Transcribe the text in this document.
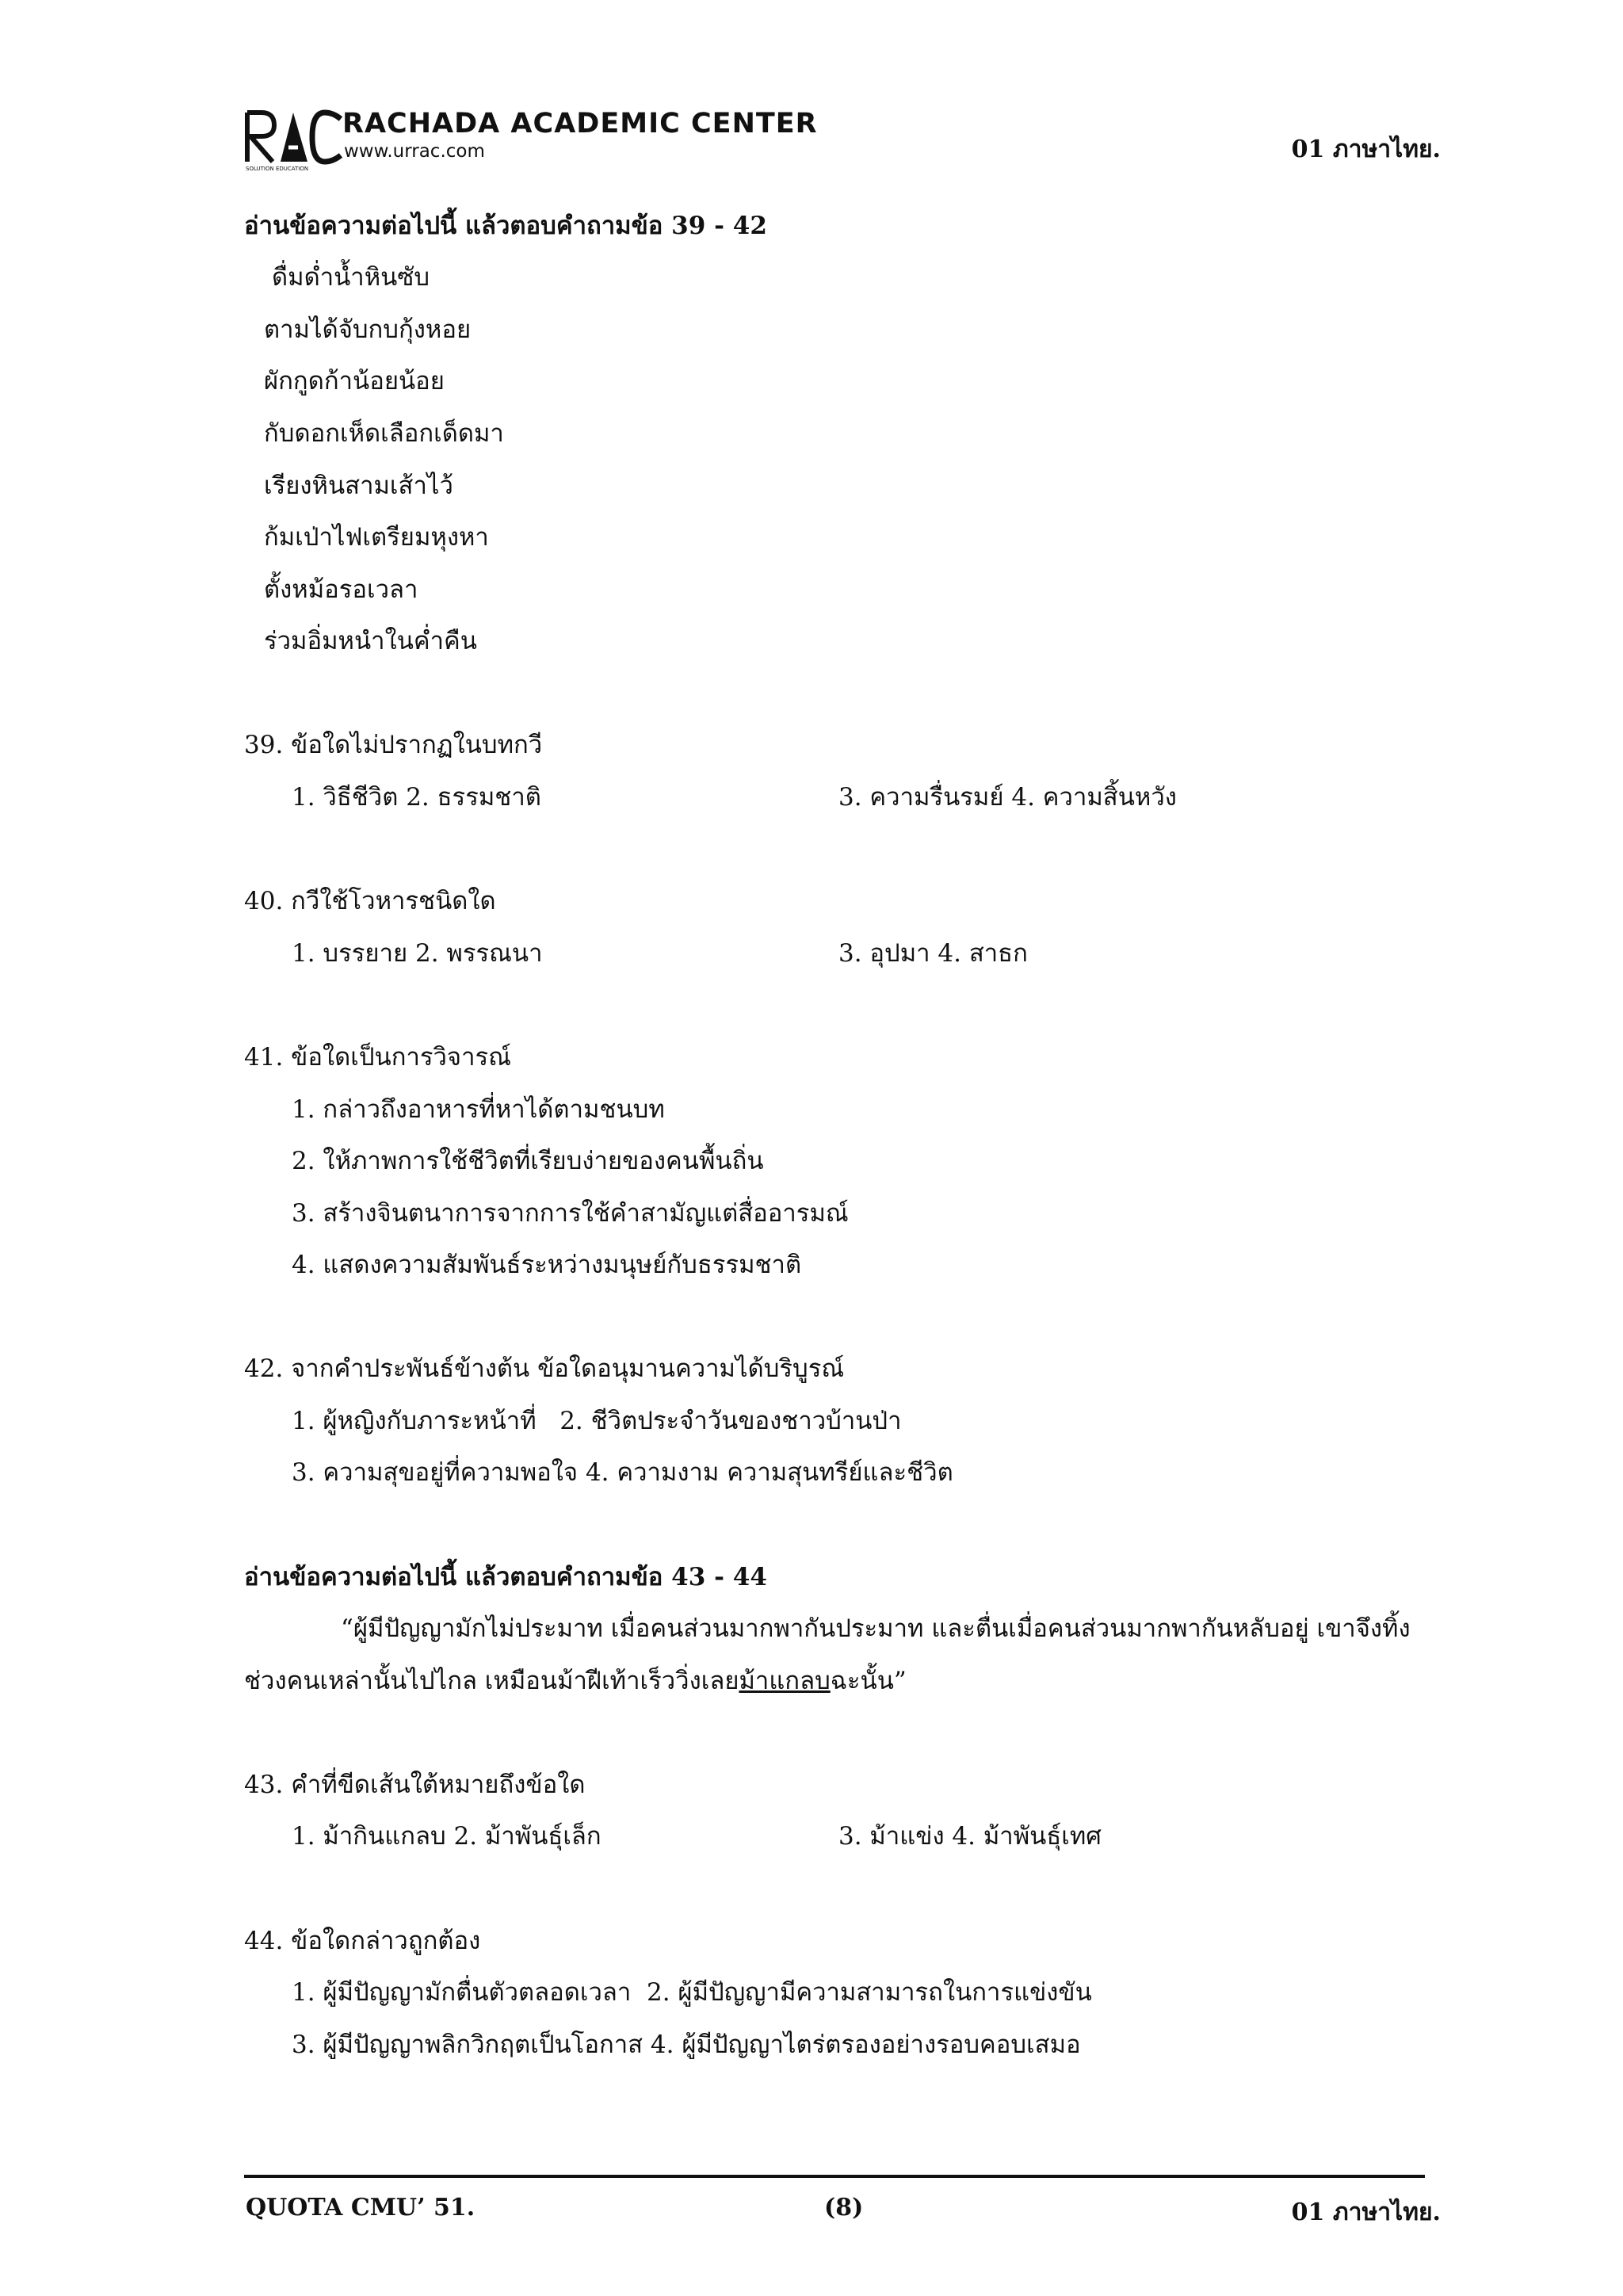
SOLUTION EDUCATION
RACHADA ACADEMIC CENTER
www.urrac.com	01 ภาษาไทย.
อ่านข้อความต่อไปนี้ แล้วตอบคำถามข้อ 39 - 42
ดื่มด่ำน้ำหินซับ
ตามได้จับกบกุ้งหอย
ผักกูดก้าน้อยน้อย
กับดอกเห็ดเลือกเด็ดมา
เรียงหินสามเส้าไว้
ก้มเป่าไฟเตรียมหุงหา
ตั้งหม้อรอเวลา
ร่วมอิ่มหนำในค่ำคืน
39. ข้อใดไม่ปรากฏในบทกวี
1. วิธีชีวิต 2. ธรรมชาติ	3. ความรื่นรมย์ 4. ความสิ้นหวัง
40. กวีใช้โวหารชนิดใด
1. บรรยาย 2. พรรณนา	3. อุปมา 4. สาธก
41. ข้อใดเป็นการวิจารณ์
1. กล่าวถึงอาหารที่หาได้ตามชนบท
2. ให้ภาพการใช้ชีวิตที่เรียบง่ายของคนพื้นถิ่น
3. สร้างจินตนาการจากการใช้คำสามัญแต่สื่ออารมณ์
4. แสดงความสัมพันธ์ระหว่างมนุษย์กับธรรมชาติ
42. จากคำประพันธ์ข้างต้น ข้อใดอนุมานความได้บริบูรณ์
1. ผู้หญิงกับภาระหน้าที่   2. ชีวิตประจำวันของชาวบ้านป่า
3. ความสุขอยู่ที่ความพอใจ 4. ความงาม ความสุนทรีย์และชีวิต
อ่านข้อความต่อไปนี้ แล้วตอบคำถามข้อ 43 - 44
“ผู้มีปัญญามักไม่ประมาท เมื่อคนส่วนมากพากันประมาท และตื่นเมื่อคนส่วนมากพากันหลับอยู่ เขาจึงทิ้ง
ช่วงคนเหล่านั้นไปไกล เหมือนม้าฝีเท้าเร็ววิ่งเลยม้าแกลบฉะนั้น”
43. คำที่ขีดเส้นใต้หมายถึงข้อใด
1. ม้ากินแกลบ 2. ม้าพันธุ์เล็ก	3. ม้าแข่ง 4. ม้าพันธุ์เทศ
44. ข้อใดกล่าวถูกต้อง
1. ผู้มีปัญญามักตื่นตัวตลอดเวลา  2. ผู้มีปัญญามีความสามารถในการแข่งขัน
3. ผู้มีปัญญาพลิกวิกฤตเป็นโอกาส 4. ผู้มีปัญญาไตร่ตรองอย่างรอบคอบเสมอ
QUOTA CMU’ 51.	(8)	01 ภาษาไทย.
